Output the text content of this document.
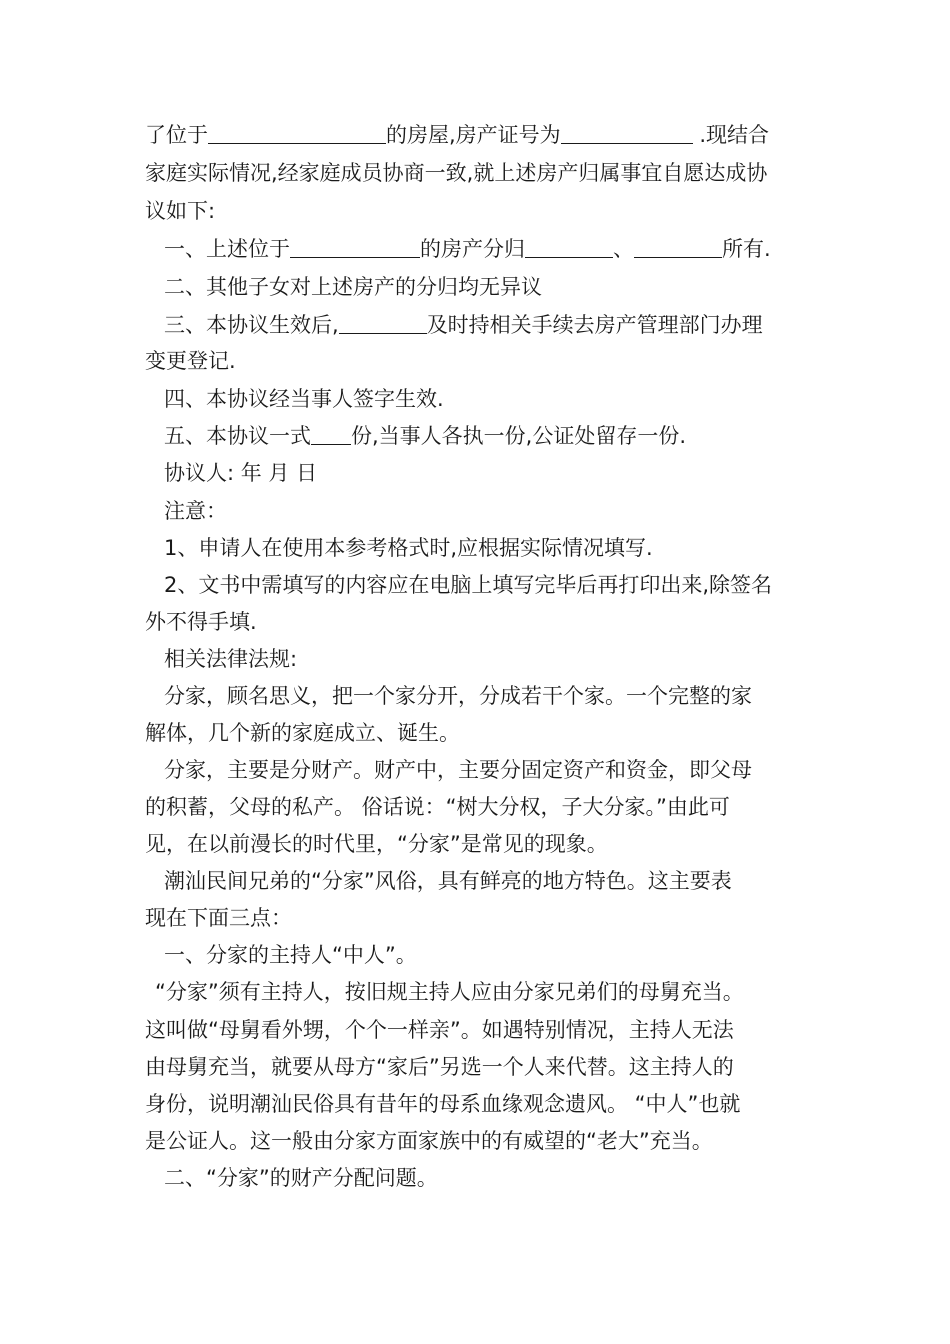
了位于	的房屋,房产证号为	.现结合
家庭实际情况,经家庭成员协商一致,就上述房产归属事宜自愿达成协
议如下:
一、上述位于	的房产分归	、	所有.
二、其他子女对上述房产的分归均无异议
三、本协议生效后,	及时持相关手续去房产管理部门办理
变更登记.
四、本协议经当事人签字生效.
五、本协议一式 份,当事人各执一份,公证处留存一份.
协议人: 年 月 日
注意：
1、申请人在使用本参考格式时,应根据实际情况填写.
2、文书中需填写的内容应在电脑上填写完毕后再打印出来,除签名
外不得手填.
相关法律法规:
分家，顾名思义，把一个家分开，分成若干个家。一个完整的家
解体，几个新的家庭成立、诞生。
分家，主要是分财产。财产中，主要分固定资产和资金，即父母
的积蓄，父母的私产。 俗话说：“树大分权，子大分家。”由此可
见，在以前漫长的时代里，“分家”是常见的现象。
潮汕民间兄弟的“分家”风俗，具有鲜亮的地方特色。这主要表
现在下面三点：
一、分家的主持人“中人”。
“分家”须有主持人，按旧规主持人应由分家兄弟们的母舅充当。
这叫做“母舅看外甥，个个一样亲”。如遇特别情况，主持人无法
由母舅充当，就要从母方“家后”另选一个人来代替。这主持人的
身份，说明潮汕民俗具有昔年的母系血缘观念遗风。 “中人”也就
是公证人。这一般由分家方面家族中的有威望的“老大”充当。
二、“分家”的财产分配问题。
